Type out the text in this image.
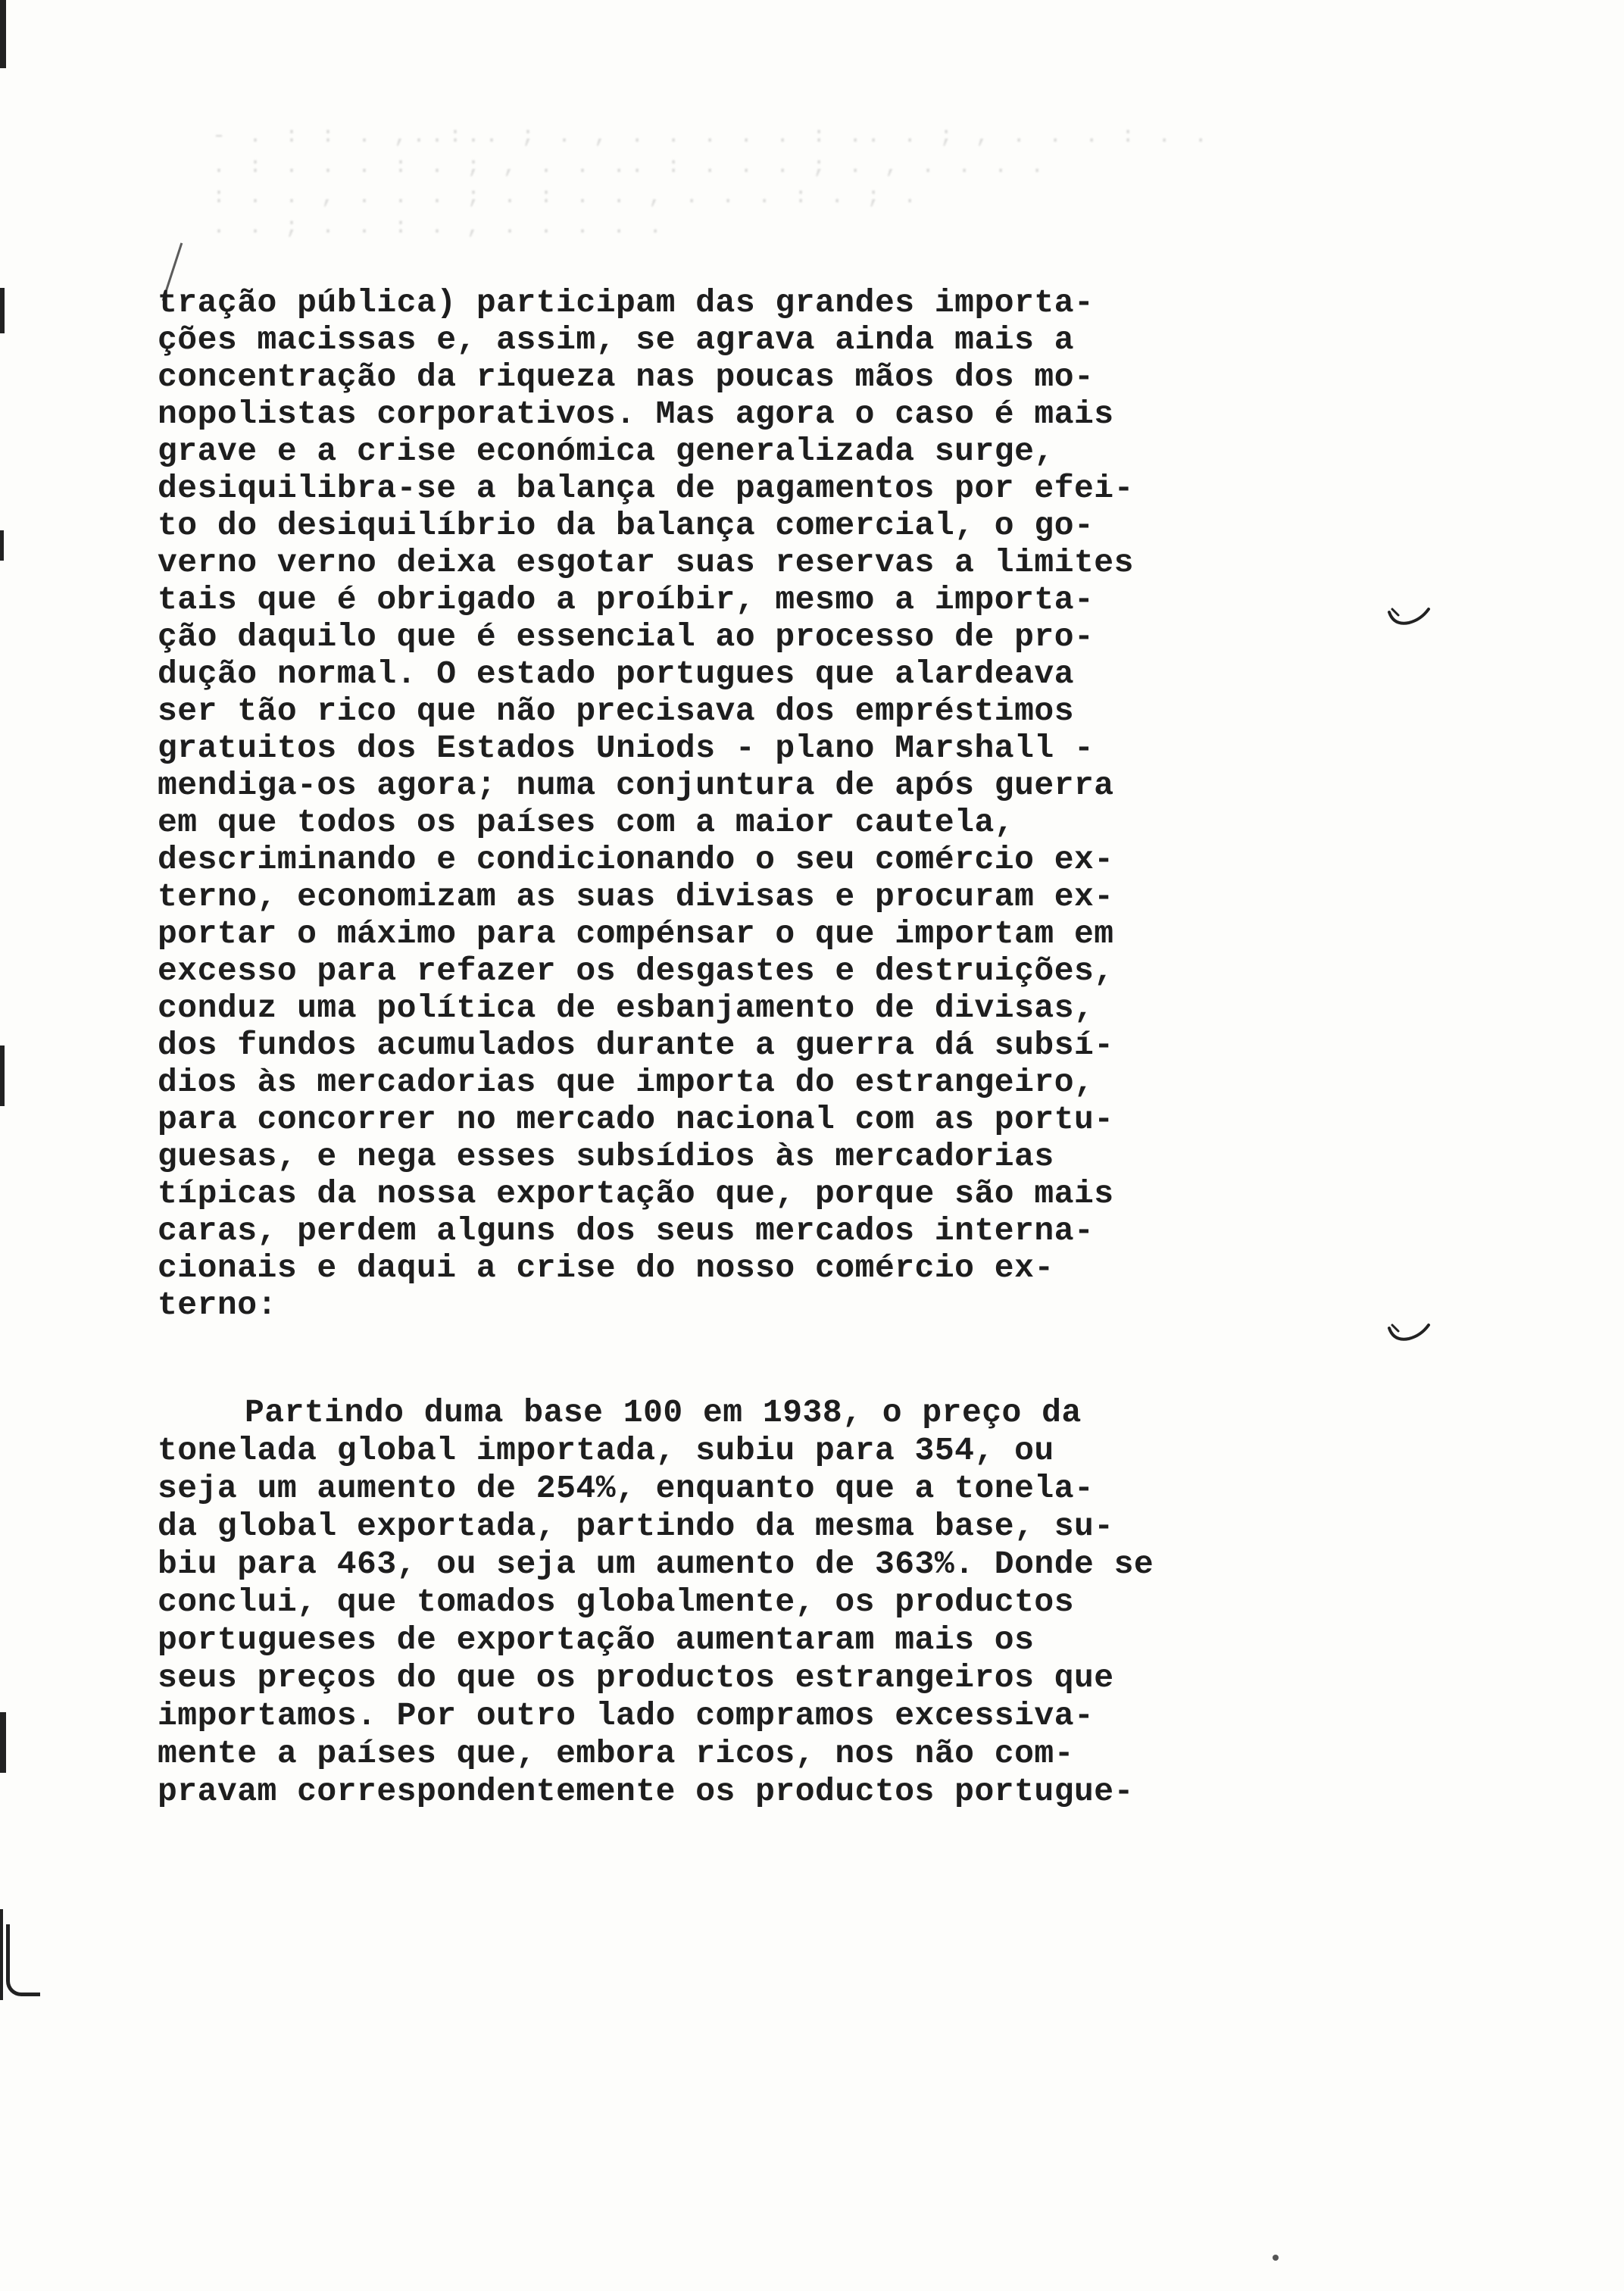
- . : : . ,..:.. ; . , . . . . . : .. . ; , . . . : . .
. : . . . : . ; , . . .. : . . . ; . , . . . .
: . . , . . . ; . : . . , . . . : . ; .
. . ; . . : . , . . . . .
tração pública) participam das grandes importa-
ções macissas e, assim, se agrava ainda mais a
concentração da riqueza nas poucas mãos dos mo-
nopolistas corporativos. Mas agora o caso é mais
grave e a crise económica generalizada surge,
desiquilibra-se a balança de pagamentos por efei-
to do desiquilíbrio da balança comercial, o go-
verno verno deixa esgotar suas reservas a limites
tais que é obrigado a proíbir, mesmo a importa-
ção daquilo que é essencial ao processo de pro-
dução normal. O estado portugues que alardeava
ser tão rico que não precisava dos empréstimos
gratuitos dos Estados Uniods - plano Marshall -
mendiga-os agora; numa conjuntura de após guerra
em que todos os países com a maior cautela,
descriminando e condicionando o seu comércio ex-
terno, economizam as suas divisas e procuram ex-
portar o máximo para compénsar o que importam em
excesso para refazer os desgastes e destruições,
conduz uma política de esbanjamento de divisas,
dos fundos acumulados durante a guerra dá subsí-
dios às mercadorias que importa do estrangeiro,
para concorrer no mercado nacional com as portu-
guesas, e nega esses subsídios às mercadorias
típicas da nossa exportação que, porque são mais
caras, perdem alguns dos seus mercados interna-
cionais e daqui a crise do nosso comércio ex-
terno:
Partindo duma base 100 em 1938, o preço da
tonelada global importada, subiu para 354, ou
seja um aumento de 254%, enquanto que a tonela-
da global exportada, partindo da mesma base, su-
biu para 463, ou seja um aumento de 363%. Donde se
conclui, que tomados globalmente, os productos
portugueses de exportação aumentaram mais os
seus preços do que os productos estrangeiros que
importamos. Por outro lado compramos excessiva-
mente a países que, embora ricos, nos não com-
pravam correspondentemente os productos portugue-
